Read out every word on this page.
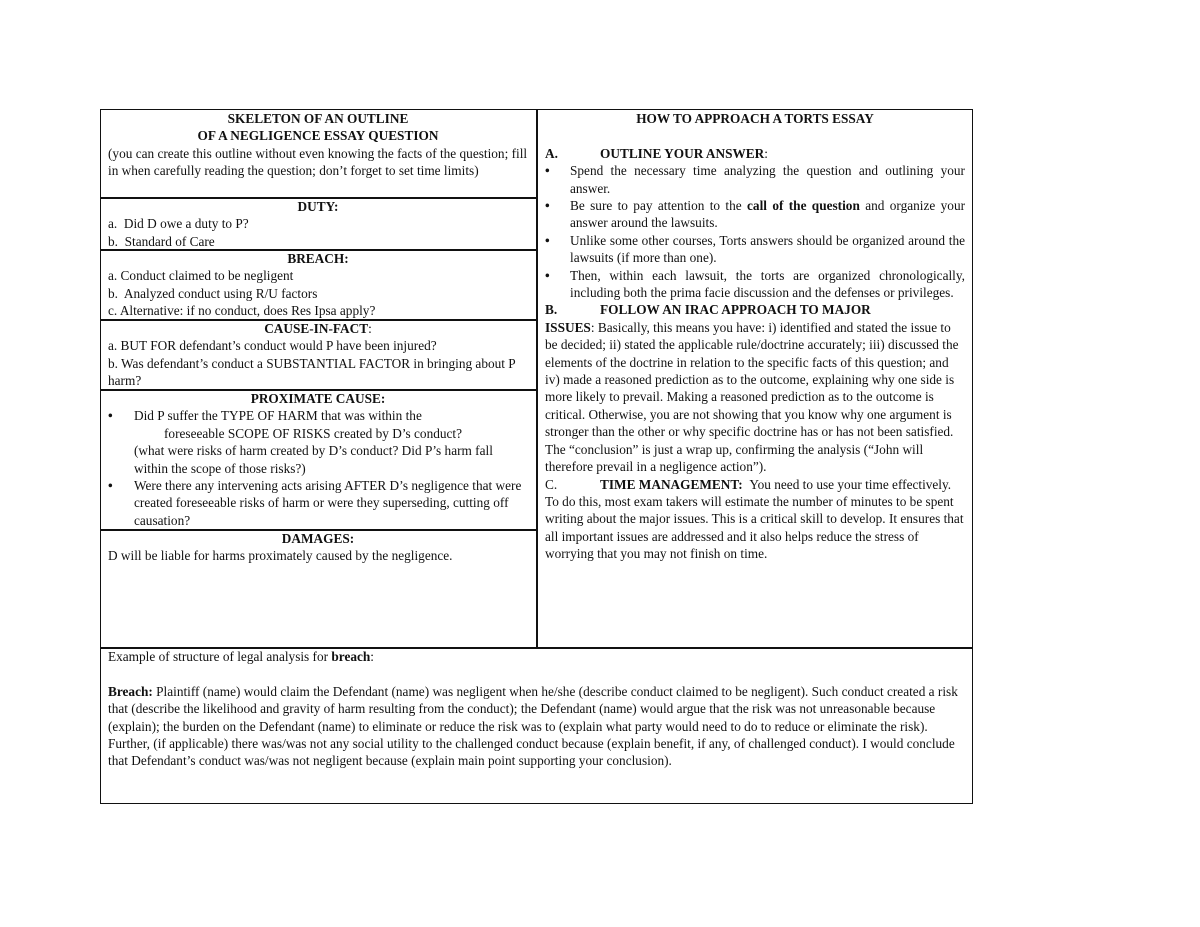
SKELETON OF AN OUTLINE
OF A NEGLIGENCE ESSAY QUESTION
(you can create this outline without even knowing the facts of the question; fill in when carefully reading the question; don’t forget to set time limits)
DUTY:
a.  Did D owe a duty to P?
b.  Standard of Care
BREACH:
a. Conduct claimed to be negligent
b.  Analyzed conduct using R/U factors
c. Alternative: if no conduct, does Res Ipsa apply?
CAUSE-IN-FACT:
a. BUT FOR defendant’s conduct would P have been injured?
b. Was defendant’s conduct a SUBSTANTIAL FACTOR in bringing about P harm?
PROXIMATE CAUSE:
• Did P suffer the TYPE OF HARM that was within the
foreseeable SCOPE OF RISKS created by D’s conduct?
(what were risks of harm created by D’s conduct? Did P’s harm fall within the scope of those risks?)
• Were there any intervening acts arising AFTER D’s negligence that were created foreseeable risks of harm or were they superseding, cutting off causation?
DAMAGES:
D will be liable for harms proximately caused by the negligence.
HOW TO APPROACH A TORTS ESSAY
A.	OUTLINE YOUR ANSWER:
• Spend the necessary time analyzing the question and outlining your answer.
• Be sure to pay attention to the call of the question and organize your answer around the lawsuits.
• Unlike some other courses, Torts answers should be organized around the lawsuits (if more than one).
• Then, within each lawsuit, the torts are organized chronologically, including both the prima facie discussion and the defenses or privileges.
B.	FOLLOW AN IRAC APPROACH TO MAJOR
ISSUES: Basically, this means you have: i) identified and stated the issue to be decided; ii) stated the applicable rule/doctrine accurately; iii) discussed the elements of the doctrine in relation to the specific facts of this question; and iv) made a reasoned prediction as to the outcome, explaining why one side is more likely to prevail. Making a reasoned prediction as to the outcome is critical. Otherwise, you are not showing that you know why one argument is stronger than the other or why specific doctrine has or has not been satisfied. The “conclusion” is just a wrap up, confirming the analysis (“John will therefore prevail in a negligence action”).
C.	TIME MANAGEMENT: You need to use your time effectively. To do this, most exam takers will estimate the number of minutes to be spent writing about the major issues. This is a critical skill to develop. It ensures that all important issues are addressed and it also helps reduce the stress of worrying that you may not finish on time.
Example of structure of legal analysis for breach:
Breach: Plaintiff (name) would claim the Defendant (name) was negligent when he/she (describe conduct claimed to be negligent). Such conduct created a risk that (describe the likelihood and gravity of harm resulting from the conduct); the Defendant (name) would argue that the risk was not unreasonable because (explain); the burden on the Defendant (name) to eliminate or reduce the risk was to (explain what party would need to do to reduce or eliminate the risk). Further, (if applicable) there was/was not any social utility to the challenged conduct because (explain benefit, if any, of challenged conduct). I would conclude that Defendant’s conduct was/was not negligent because (explain main point supporting your conclusion).
